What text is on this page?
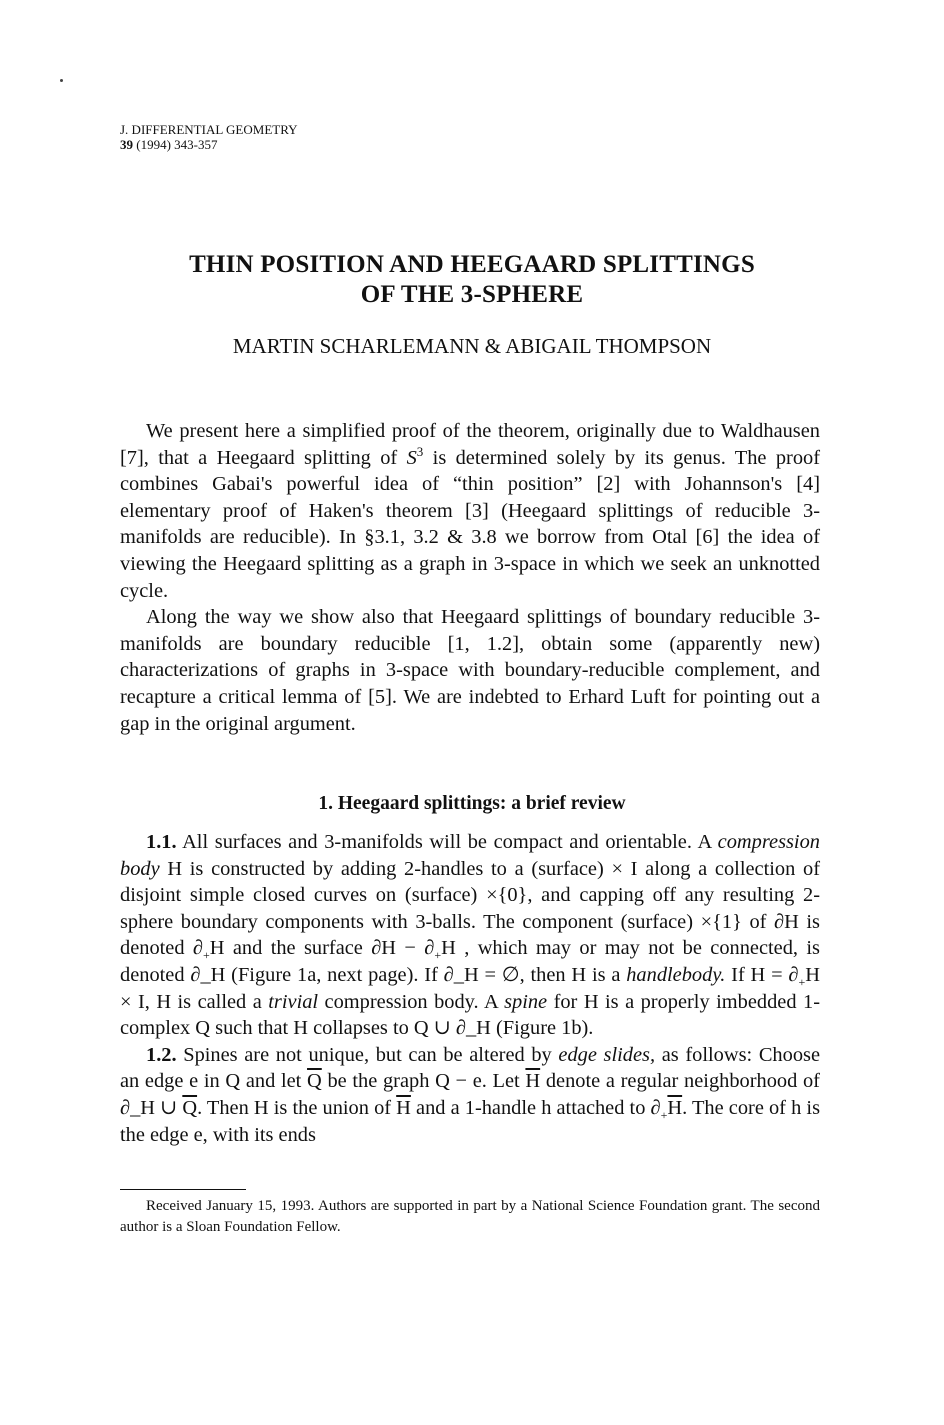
J. DIFFERENTIAL GEOMETRY
39 (1994) 343-357
THIN POSITION AND HEEGAARD SPLITTINGS
OF THE 3-SPHERE
MARTIN SCHARLEMANN & ABIGAIL THOMPSON

We present here a simplified proof of the theorem, originally due to Waldhausen [7], that a Heegaard splitting of $S^3$ is determined solely by its genus. The proof combines Gabai's powerful idea of “thin position” [2] with Johannson's [4] elementary proof of Haken's theorem [3] (Heegaard splittings of reducible 3-manifolds are reducible). In §3.1, 3.2 & 3.8 we borrow from Otal [6] the idea of viewing the Heegaard splitting as a graph in 3-space in which we seek an unknotted cycle.

Along the way we show also that Heegaard splittings of boundary reducible 3-manifolds are boundary reducible [1, 1.2], obtain some (apparently new) characterizations of graphs in 3-space with boundary-reducible complement, and recapture a critical lemma of [5]. We are indebted to Erhard Luft for pointing out a gap in the original argument.

1. Heegaard splittings: a brief review

1.1. All surfaces and 3-manifolds will be compact and orientable. A compression body H is constructed by adding 2-handles to a (surface) × I along a collection of disjoint simple closed curves on (surface) ×{0}, and capping off any resulting 2-sphere boundary components with 3-balls. The component (surface) ×{1} of ∂H is denoted $\partial_+H$ and the surface $\partial H - \partial_+H$ , which may or may not be connected, is denoted ∂_H (Figure 1a, next page). If ∂_H = ∅, then H is a handlebody. If $H = \partial_+H \times I$, H is called a trivial compression body. A spine for H is a properly imbedded 1-complex Q such that H collapses to Q ∪ ∂_H (Figure 1b).

1.2. Spines are not unique, but can be altered by edge slides, as follows: Choose an edge e in Q and let $\overline{Q}$ be the graph Q − e. Let $\overline{H}$ denote a regular neighborhood of ∂_H ∪ $\overline{Q}$. Then H is the union of $\overline{H}$ and a 1-handle h attached to $\partial_+\overline{H}$. The core of h is the edge e, with its ends

Received January 15, 1993. Authors are supported in part by a National Science Foundation grant. The second author is a Sloan Foundation Fellow.
